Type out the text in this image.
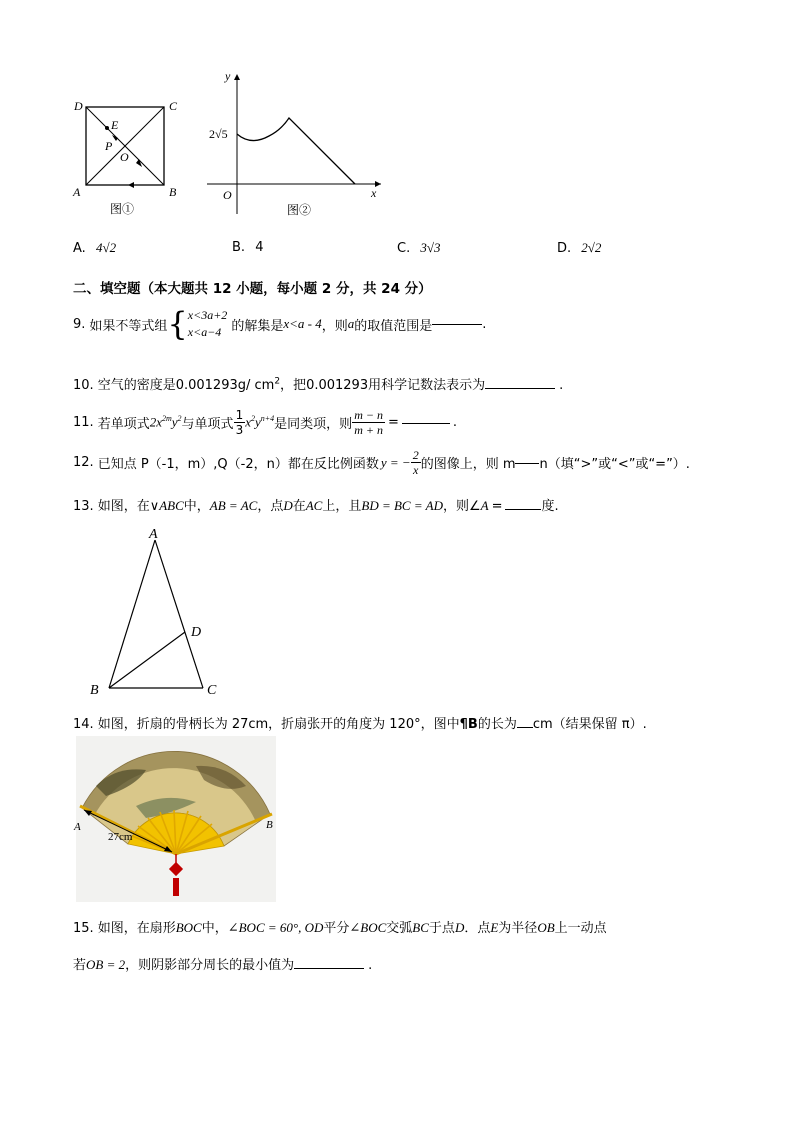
D	C
A	B
E
P
O
图①
y
x
O
2√5
图②
A. 4√2	B. 4	C. 3√3	D. 2√2
二、填空题（本大题共 12 小题，每小题 2 分，共 24 分）
9. 如果不等式组 { x<3a+2
x<a−4 的解集是 x<a - 4 ，则 a 的取值范围是	.
10. 空气的密度是0.001293g/ $cm^2$，把0.001293用科学记数法表示为	.
11. 若单项式 $2x^{2m}y^2$ 与单项式 $\frac{1}{3} x^2y^{n+4}$ 是同类项，则 $\frac{m - n}{m + n}$ =	.
12. 已知点 P（-1，m）,Q（-2，n）都在反比例函数 y = − $\frac{2}{x}$ 的图像上，则 m n（填“>”或“<”或“=”）.
13. 如图，在∨ABC中，AB = AC，点D在AC上，且BD = BC = AD，则∠A =	度.
A
D
B	C
14. 如图，折扇的骨柄长为 27cm，折扇张开的角度为 120°，图中¶B的长为 cm（结果保留 π）.
27cm
A	B
15. 如图，在扇形BOC中，∠BOC = 60°, OD平分∠BOC交弧BC于点D．点E为半径OB上一动点
若OB = 2，则阴影部分周长的最小值为	.
